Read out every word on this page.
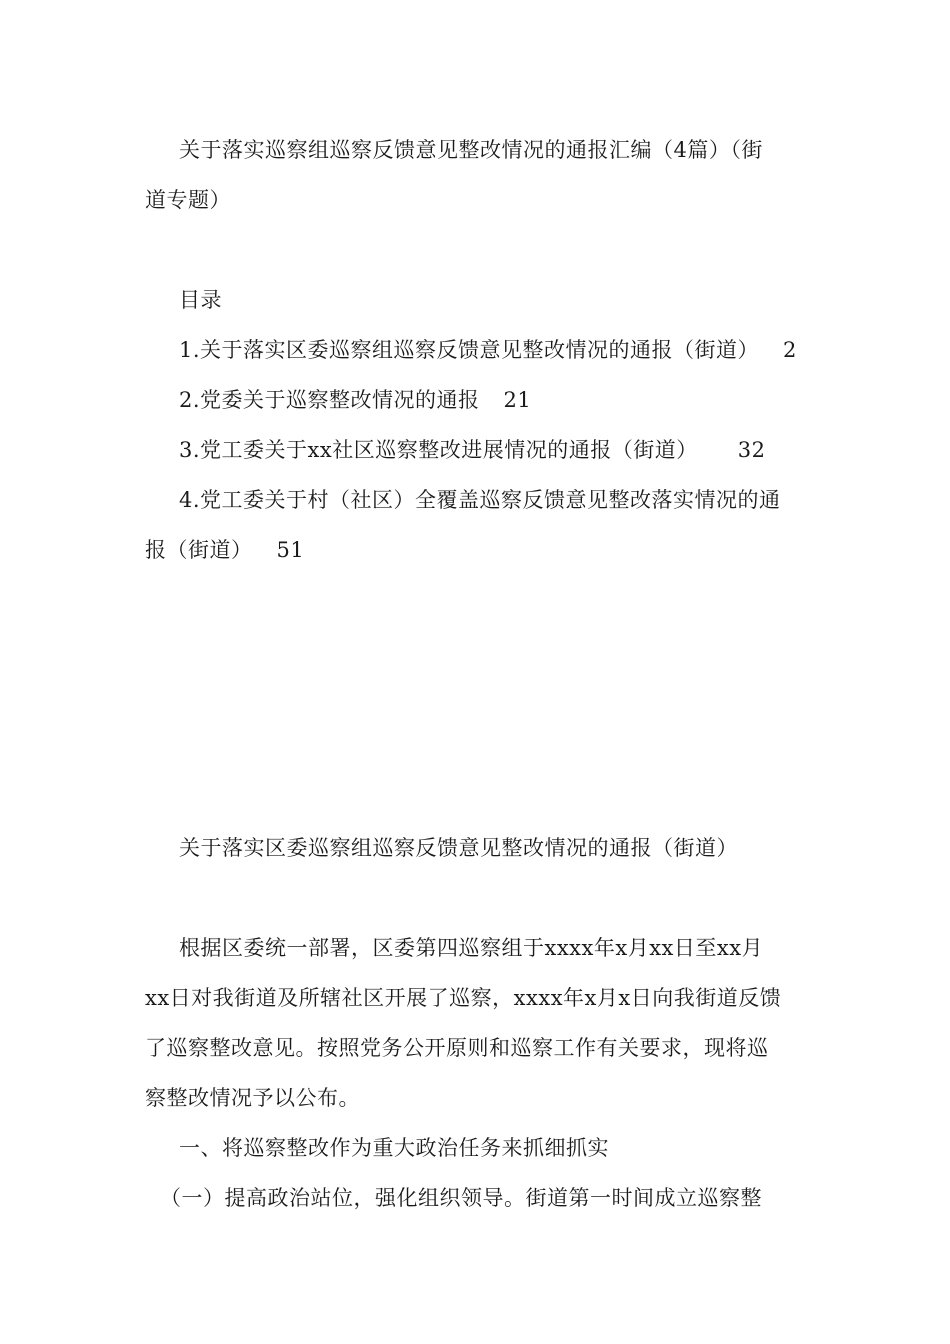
关于落实巡察组巡察反馈意见整改情况的通报汇编（4篇）（街
道专题）
目录
1.关于落实区委巡察组巡察反馈意见整改情况的通报（街道） 2
2.党委关于巡察整改情况的通报 21
3.党工委关于xx社区巡察整改进展情况的通报（街道） 32
4.党工委关于村（社区）全覆盖巡察反馈意见整改落实情况的通
报（街道） 51
关于落实区委巡察组巡察反馈意见整改情况的通报（街道）
根据区委统一部署，区委第四巡察组于xxxx年x月xx日至xx月
xx日对我街道及所辖社区开展了巡察，xxxx年x月x日向我街道反馈
了巡察整改意见。按照党务公开原则和巡察工作有关要求，现将巡
察整改情况予以公布。
一、将巡察整改作为重大政治任务来抓细抓实
（一）提高政治站位，强化组织领导。街道第一时间成立巡察整
